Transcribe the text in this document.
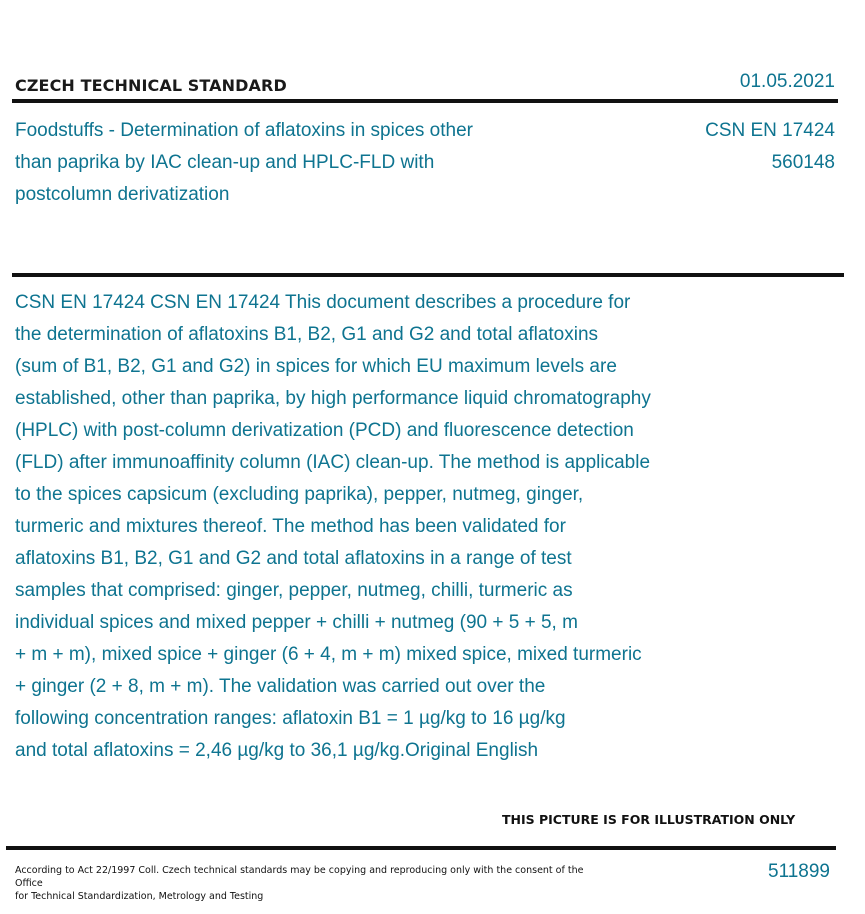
CZECH TECHNICAL STANDARD	01.05.2021
Foodstuffs - Determination of aflatoxins in spices other than paprika by IAC clean-up and HPLC-FLD with postcolumn derivatization
CSN EN 17424
560148
CSN EN 17424 CSN EN 17424 This document describes a procedure for
the determination of aflatoxins B1, B2, G1 and G2 and total aflatoxins
(sum of B1, B2, G1 and G2) in spices for which EU maximum levels are
established, other than paprika, by high performance liquid chromatography
(HPLC) with post-column derivatization (PCD) and fluorescence detection
(FLD) after immunoaffinity column (IAC) clean-up. The method is applicable
to the spices capsicum (excluding paprika), pepper, nutmeg, ginger,
turmeric and mixtures thereof. The method has been validated for
aflatoxins B1, B2, G1 and G2 and total aflatoxins in a range of test
samples that comprised: ginger, pepper, nutmeg, chilli, turmeric as
individual spices and mixed pepper + chilli + nutmeg (90 + 5 + 5, m
+ m + m), mixed spice + ginger (6 + 4, m + m) mixed spice, mixed turmeric
+ ginger (2 + 8, m + m). The validation was carried out over the
following concentration ranges: aflatoxin B1 = 1 µg/kg to 16 µg/kg
and total aflatoxins = 2,46 µg/kg to 36,1 µg/kg.Original English
THIS PICTURE IS FOR ILLUSTRATION ONLY
According to Act 22/1997 Coll. Czech technical standards may be copying and reproducing only with the consent of the Office
for Technical Standardization, Metrology and Testing
511899
